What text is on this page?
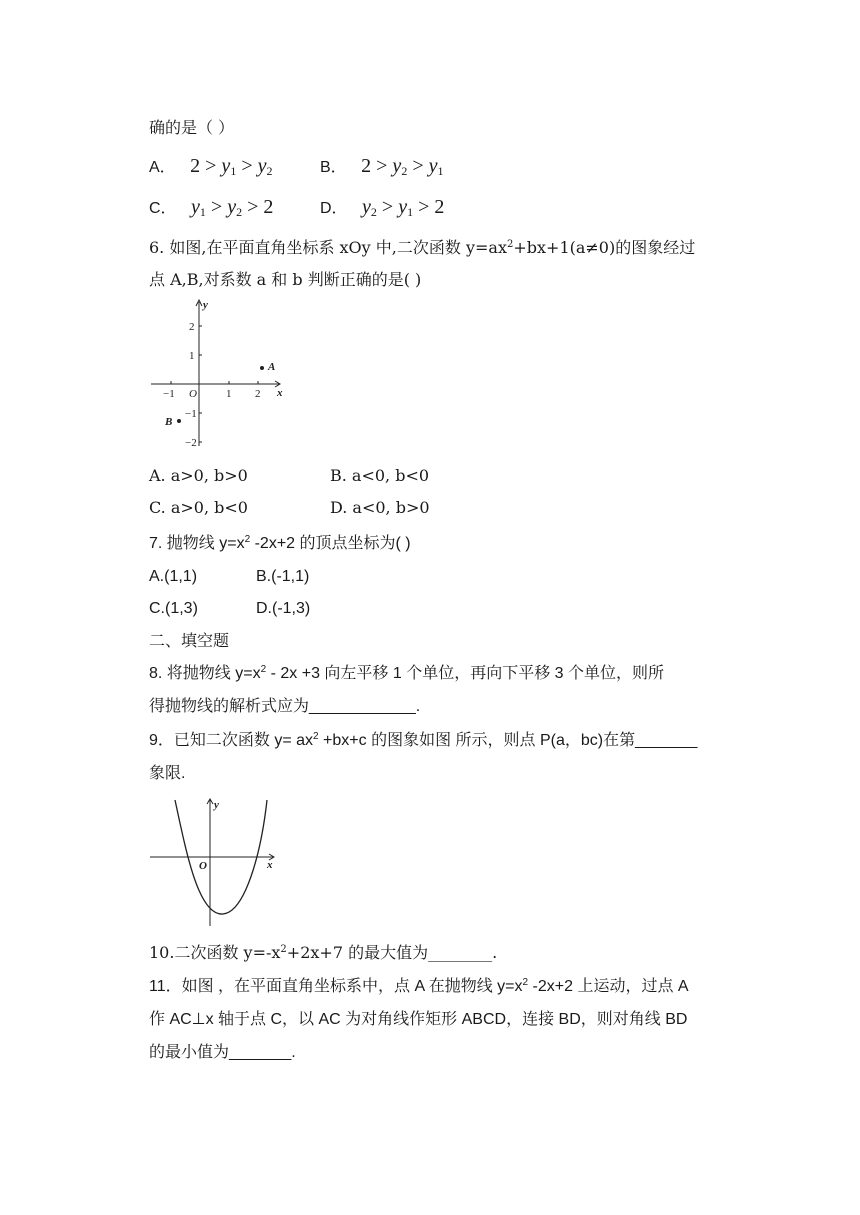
确的是（ ）
A． $2 > y_1 > y_2$	B． $2 > y_2 > y_1$
C． $y_1 > y_2 > 2$	D． $y_2 > y_1 > 2$
6. 如图,在平面直角坐标系 xOy 中,二次函数 $y=ax^2+bx+1(a\ne 0)$的图象经过
点 A,B,对系数 a 和 b 判断正确的是( )
y
x
O
−1	1 2
2
1
−1
−2
A
B
A. a>0, b>0	B. a<0, b<0
C. a>0, b<0	D. a<0, b>0
7. 抛物线 $y=x^2$ -2x+2 的顶点坐标为( )
A.(1,1)	B.(-1,1)
C.(1,3)	D.(-1,3)
二、填空题
8. 将抛物线 $y=x^2 - 2x +3$ 向左平移 1 个单位，再向下平移 3 个单位，则所
得抛物线的解析式应为____________.
9．已知二次函数 $y= ax^2 +bx+c$ 的图象如图 所示，则点 P(a，bc)在第_______
象限.
y
x
O
10.二次函数 $y=-x^2+2x+7$ 的最大值为________.
11．如图 ，在平面直角坐标系中，点 A 在抛物线 $y=x^2$ -2x+2 上运动，过点 A
作 AC⊥x 轴于点 C，以 AC 为对角线作矩形 ABCD，连接 BD，则对角线 BD
的最小值为_______.
